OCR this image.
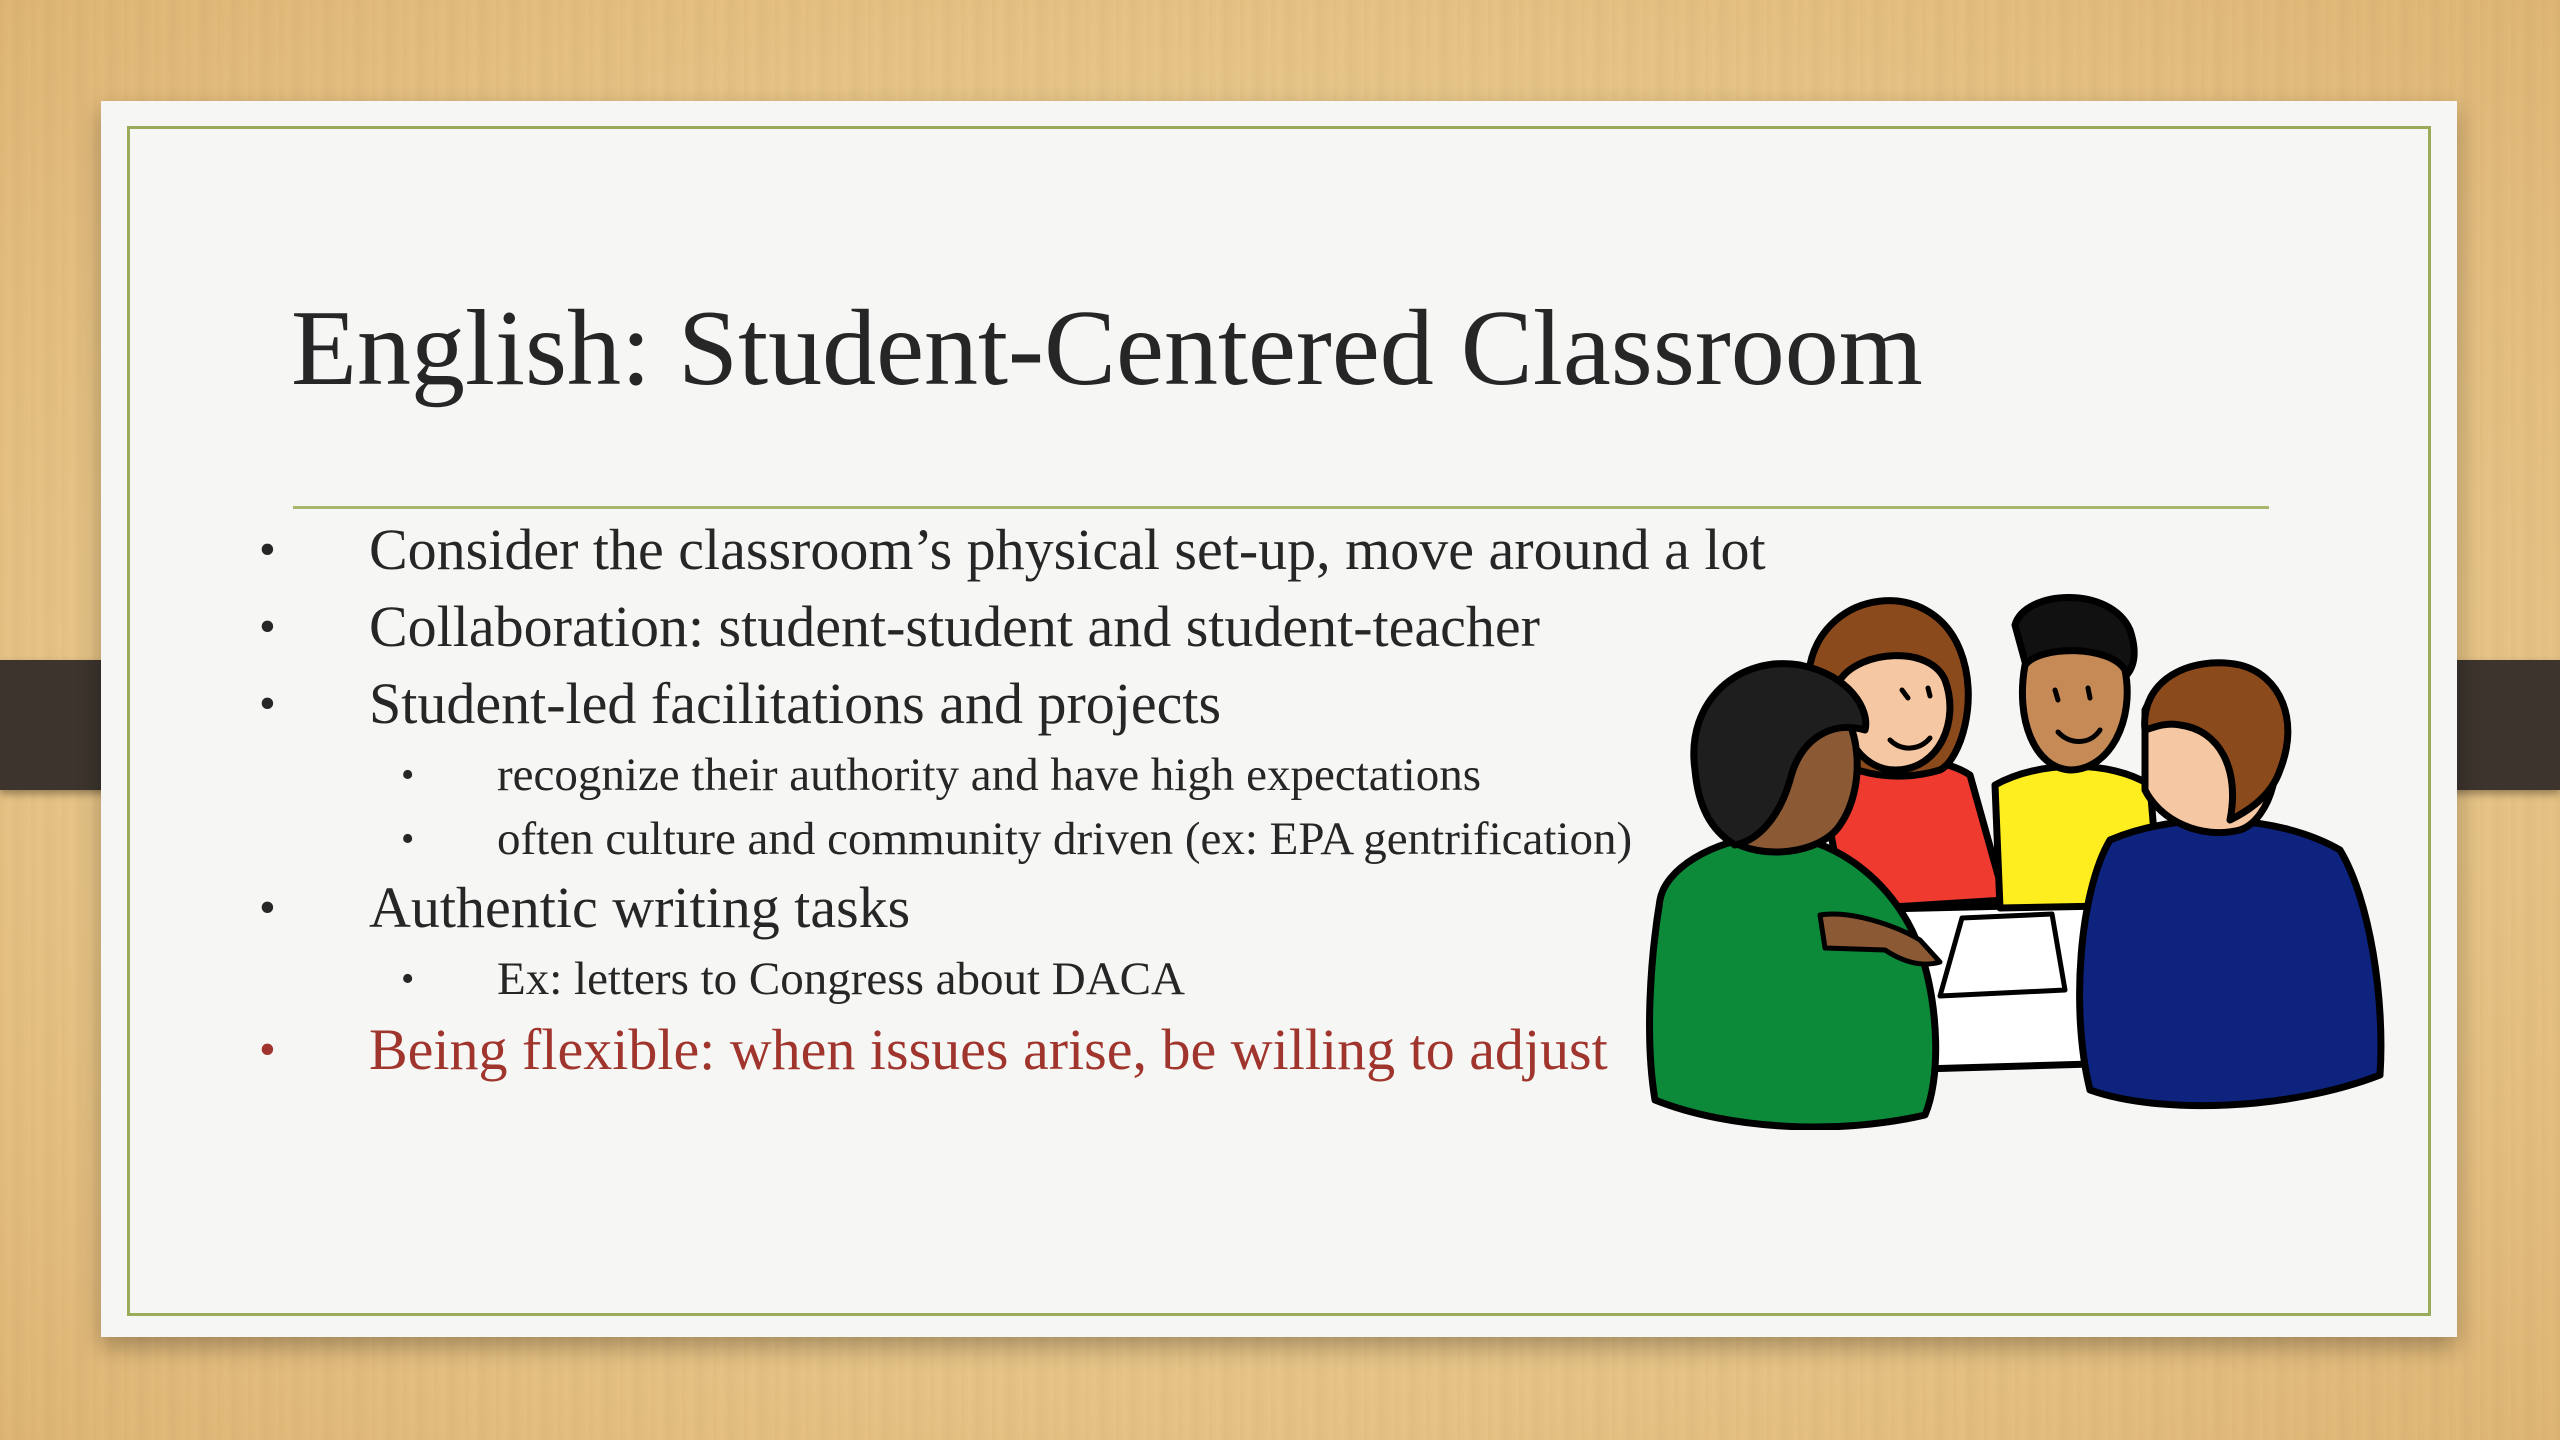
English: Student-Centered Classroom
• Consider the classroom’s physical set-up, move around a lot
• Collaboration: student-student and student-teacher
• Student-led facilitations and projects
• recognize their authority and have high expectations
• often culture and community driven (ex: EPA gentrification)
• Authentic writing tasks
• Ex: letters to Congress about DACA
• Being flexible: when issues arise, be willing to adjust
